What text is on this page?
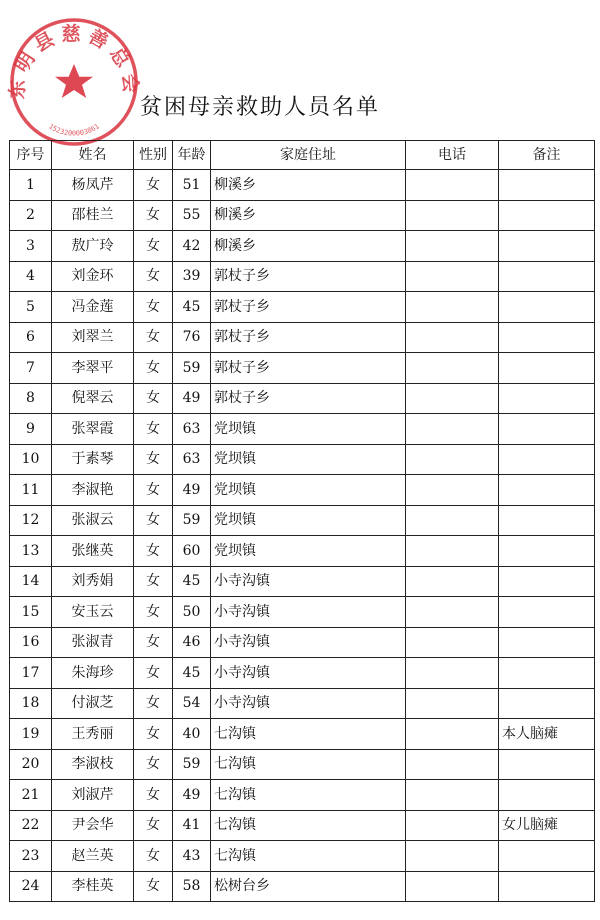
东明县慈善总会
1523200003861
贫困母亲救助人员名单
序号	姓名	性别	年龄	家庭住址	电话	备注
1	杨凤芹	女	51	柳溪乡		
2	邵桂兰	女	55	柳溪乡		
3	敖广玲	女	42	柳溪乡		
4	刘金环	女	39	郭杖子乡		
5	冯金莲	女	45	郭杖子乡		
6	刘翠兰	女	76	郭杖子乡		
7	李翠平	女	59	郭杖子乡		
8	倪翠云	女	49	郭杖子乡		
9	张翠霞	女	63	党坝镇		
10	于素琴	女	63	党坝镇		
11	李淑艳	女	49	党坝镇		
12	张淑云	女	59	党坝镇		
13	张继英	女	60	党坝镇		
14	刘秀娟	女	45	小寺沟镇		
15	安玉云	女	50	小寺沟镇		
16	张淑青	女	46	小寺沟镇		
17	朱海珍	女	45	小寺沟镇		
18	付淑芝	女	54	小寺沟镇		
19	王秀丽	女	40	七沟镇		本人脑瘫
20	李淑枝	女	59	七沟镇		
21	刘淑芹	女	49	七沟镇		
22	尹会华	女	41	七沟镇		女儿脑瘫
23	赵兰英	女	43	七沟镇		
24	李桂英	女	58	松树台乡		
